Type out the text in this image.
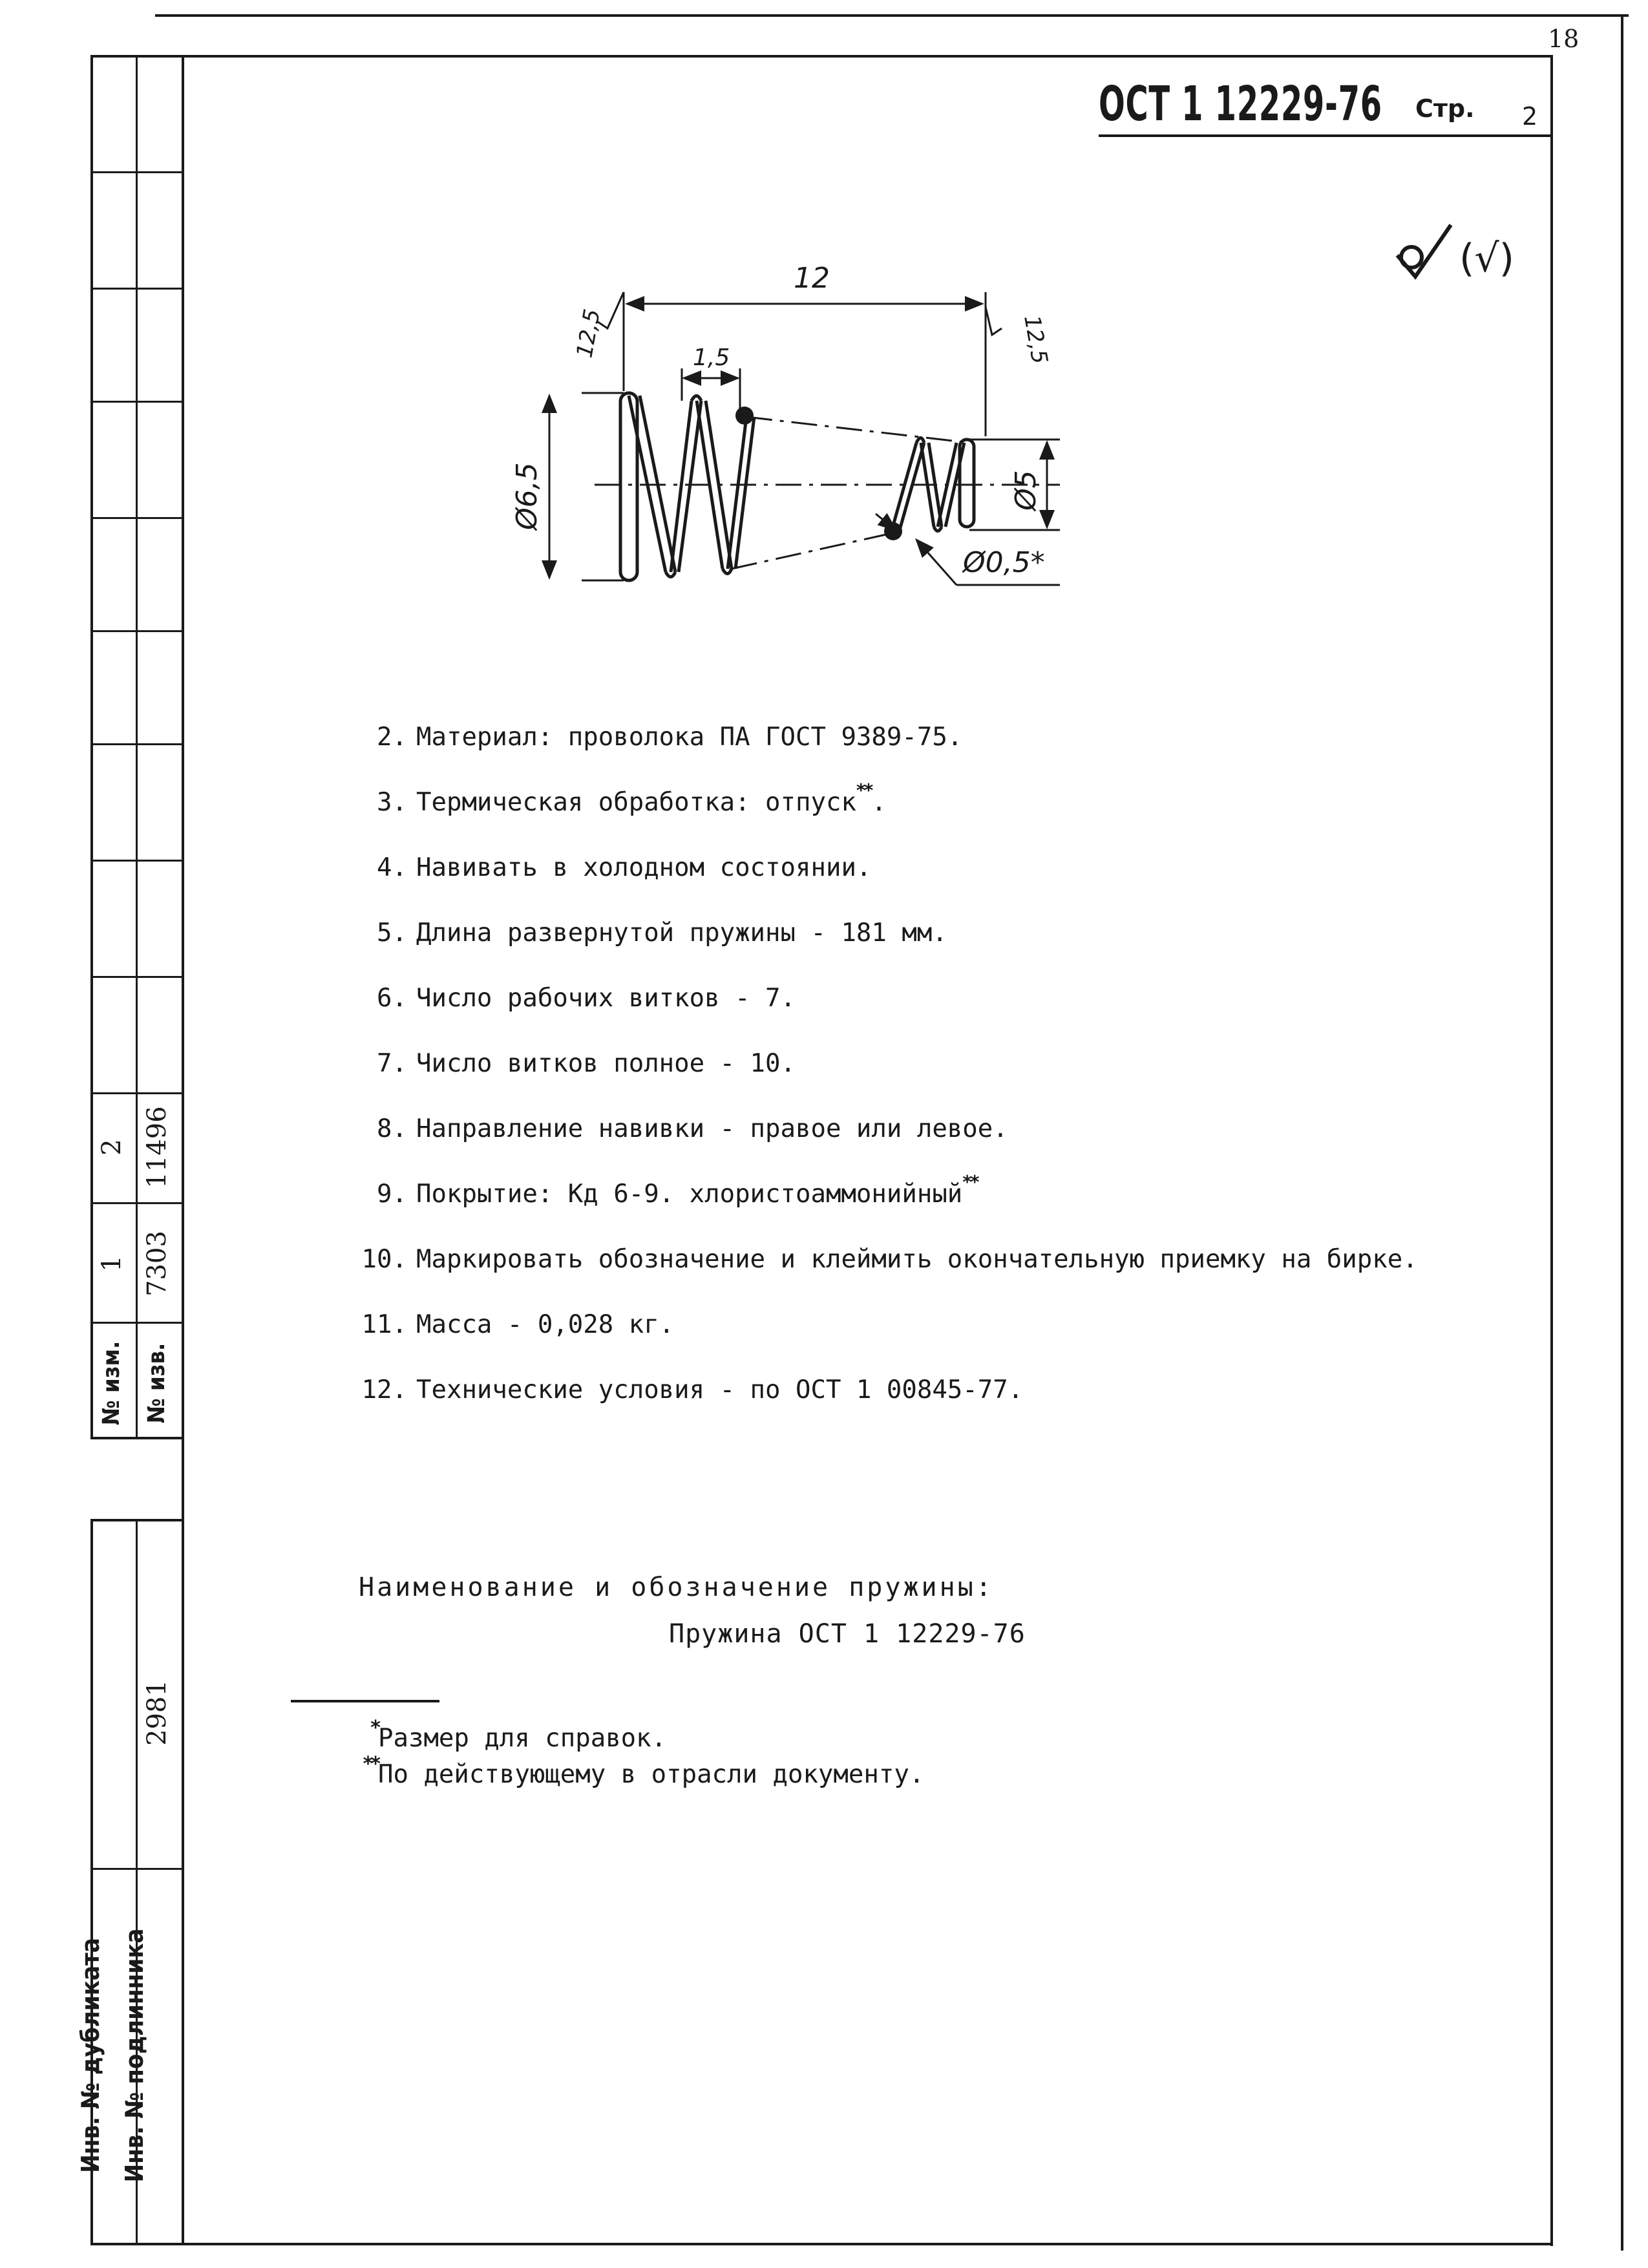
18
№ изм.
1
2
№ изв.
7303
11496
2981
Инв. № дубликата Инв. № подлинника
ОСТ 1 12229-76 Стр. 2
(√)
12
1,5
12,5	12,5
Ø6,5	Ø5
Ø0,5*
2. Материал: проволока ПА ГОСТ 9389-75.
3. Термическая обработка: отпуск**.
4. Навивать в холодном состоянии.
5. Длина развернутой пружины - 181 мм.
6. Число рабочих витков - 7.
7. Число витков полное - 10.
8. Направление навивки - правое или левое.
9. Покрытие: Кд 6-9. хлористоаммонийный**
10. Маркировать обозначение и клеймить окончательную приемку на бирке.
11. Масса - 0,028 кг.
12. Технические условия - по ОСТ 1 00845-77.
Наименование и обозначение пружины:
Пружина ОСТ 1 12229-76
* Размер для справок.
** По действующему в отрасли документу.
